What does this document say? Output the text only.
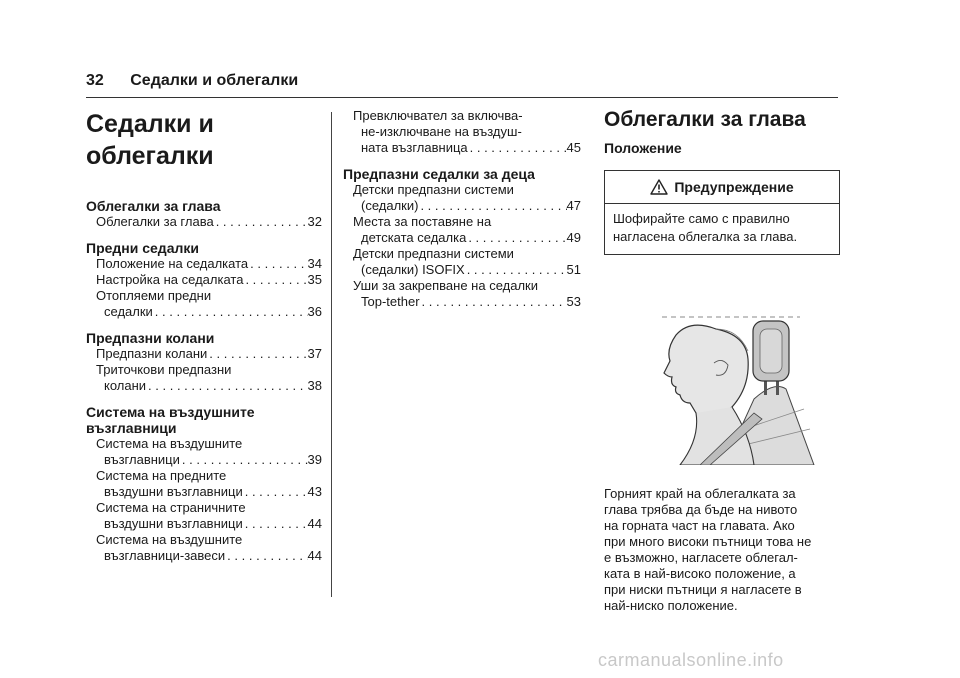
32 Седалки и облегалки
Седалки и
облегалки
Облегалки за глава
Облегалки за глава . . .	32
Предни седалки
Положение на седалката . . .	34
Настройка на седалката . . .	35
Отопляеми предни
седалки . . .	36
Предпазни колани
Предпазни колани . . .	37
Триточкови предпазни
колани . . .	38
Система на въздушните
възглавници
Система на въздушните
възглавници . . .	39
Система на предните
въздушни възглавници . . .	43
Система на страничните
въздушни възглавници . . .	44
Система на въздушните
възглавници-завеси . . .	44
Превключвател за включва-
не-изключване на въздуш-
ната възглавница . . .	45
Предпазни седалки за деца
Детски предпазни системи
(седалки) . . .	47
Места за поставяне на
детската седалка . . .	49
Детски предпазни системи
(седалки) ISOFIX . . .	51
Уши за закрепване на седалки
Top-tether . . .	53
Облегалки за глава
Положение
Предупреждение
Шофирайте само с правилно
нагласена облегалка за глава.
Горният край на облегалката за
глава трябва да бъде на нивото
на горната част на главата. Ако
при много високи пътници това не
е възможно, нагласете облегал-
ката в най-високо положение, а
при ниски пътници я нагласете в
най-ниско положение.
carmanualsonline.info
